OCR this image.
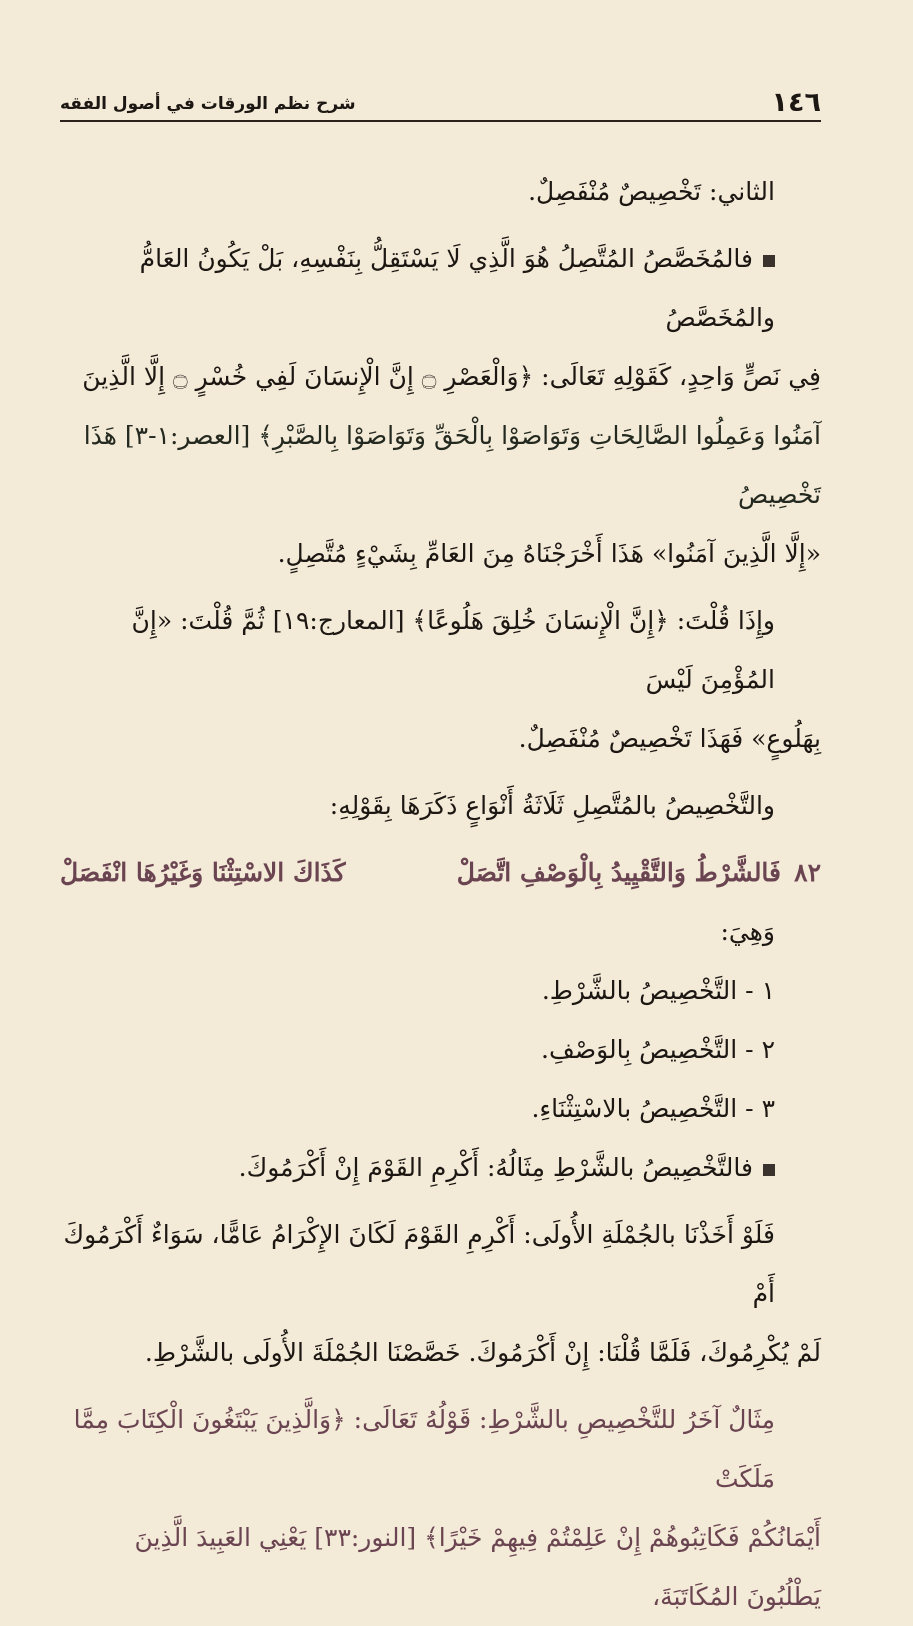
١٤٦
شرح نظم الورقات في أصول الفقه

الثاني: تَخْصِيصٌ مُنْفَصِلٌ.

فالمُخَصَّصُ المُتَّصِلُ هُوَ الَّذِي لَا يَسْتَقِلُّ بِنَفْسِهِ، بَلْ يَكُونُ العَامُّ والمُخَصَّصُ

فِي نَصٍّ وَاحِدٍ، كَقَوْلِهِ تَعَالَى: ﴿وَالْعَصْرِ ۝ إِنَّ الْإِنسَانَ لَفِي خُسْرٍ ۝ إِلَّا الَّذِينَ

آمَنُوا وَعَمِلُوا الصَّالِحَاتِ وَتَوَاصَوْا بِالْحَقِّ وَتَوَاصَوْا بِالصَّبْرِ﴾ [العصر:١-٣] هَذَا تَخْصِيصُ

«إِلَّا الَّذِينَ آمَنُوا» هَذَا أَخْرَجْنَاهُ مِنَ العَامِّ بِشَيْءٍ مُتَّصِلٍ.

وإِذَا قُلْتَ: ﴿إِنَّ الْإِنسَانَ خُلِقَ هَلُوعًا﴾ [المعارج:١٩] ثُمَّ قُلْتَ: «إِنَّ المُؤْمِنَ لَيْسَ

بِهَلُوعٍ» فَهَذَا تَخْصِيصٌ مُنْفَصِلٌ.

والتَّخْصِيصُ بالمُتَّصِلِ ثَلَاثَةُ أَنْوَاعٍ ذَكَرَهَا بِقَوْلِهِ:

٨٢
فَالشَّرْطُ وَالتَّقْيِيدُ بِالْوَصْفِ اتَّصَلْ
كَذَاكَ الاسْتِثْنَا وَغَيْرُهَا انْفَصَلْ

وَهِيَ:

١ - التَّخْصِيصُ بالشَّرْطِ.

٢ - التَّخْصِيصُ بِالوَصْفِ.

٣ - التَّخْصِيصُ بالاسْتِثْنَاءِ.

فالتَّخْصِيصُ بالشَّرْطِ مِثَالُهُ: أَكْرِمِ القَوْمَ إِنْ أَكْرَمُوكَ.

فَلَوْ أَخَذْنَا بالجُمْلَةِ الأُولَى: أَكْرِمِ القَوْمَ لَكَانَ الإِكْرَامُ عَامًّا، سَوَاءٌ أَكْرَمُوكَ أَمْ

لَمْ يُكْرِمُوكَ، فَلَمَّا قُلْنَا: إِنْ أَكْرَمُوكَ. خَصَّصْنَا الجُمْلَةَ الأُولَى بالشَّرْطِ.

مِثَالٌ آخَرُ للتَّخْصِيصِ بالشَّرْطِ: قَوْلُهُ تَعَالَى: ﴿وَالَّذِينَ يَبْتَغُونَ الْكِتَابَ مِمَّا مَلَكَتْ

أَيْمَانُكُمْ فَكَاتِبُوهُمْ إِنْ عَلِمْتُمْ فِيهِمْ خَيْرًا﴾ [النور:٣٣] يَعْنِي العَبِيدَ الَّذِينَ يَطْلُبُونَ المُكَاتَبَةَ،
